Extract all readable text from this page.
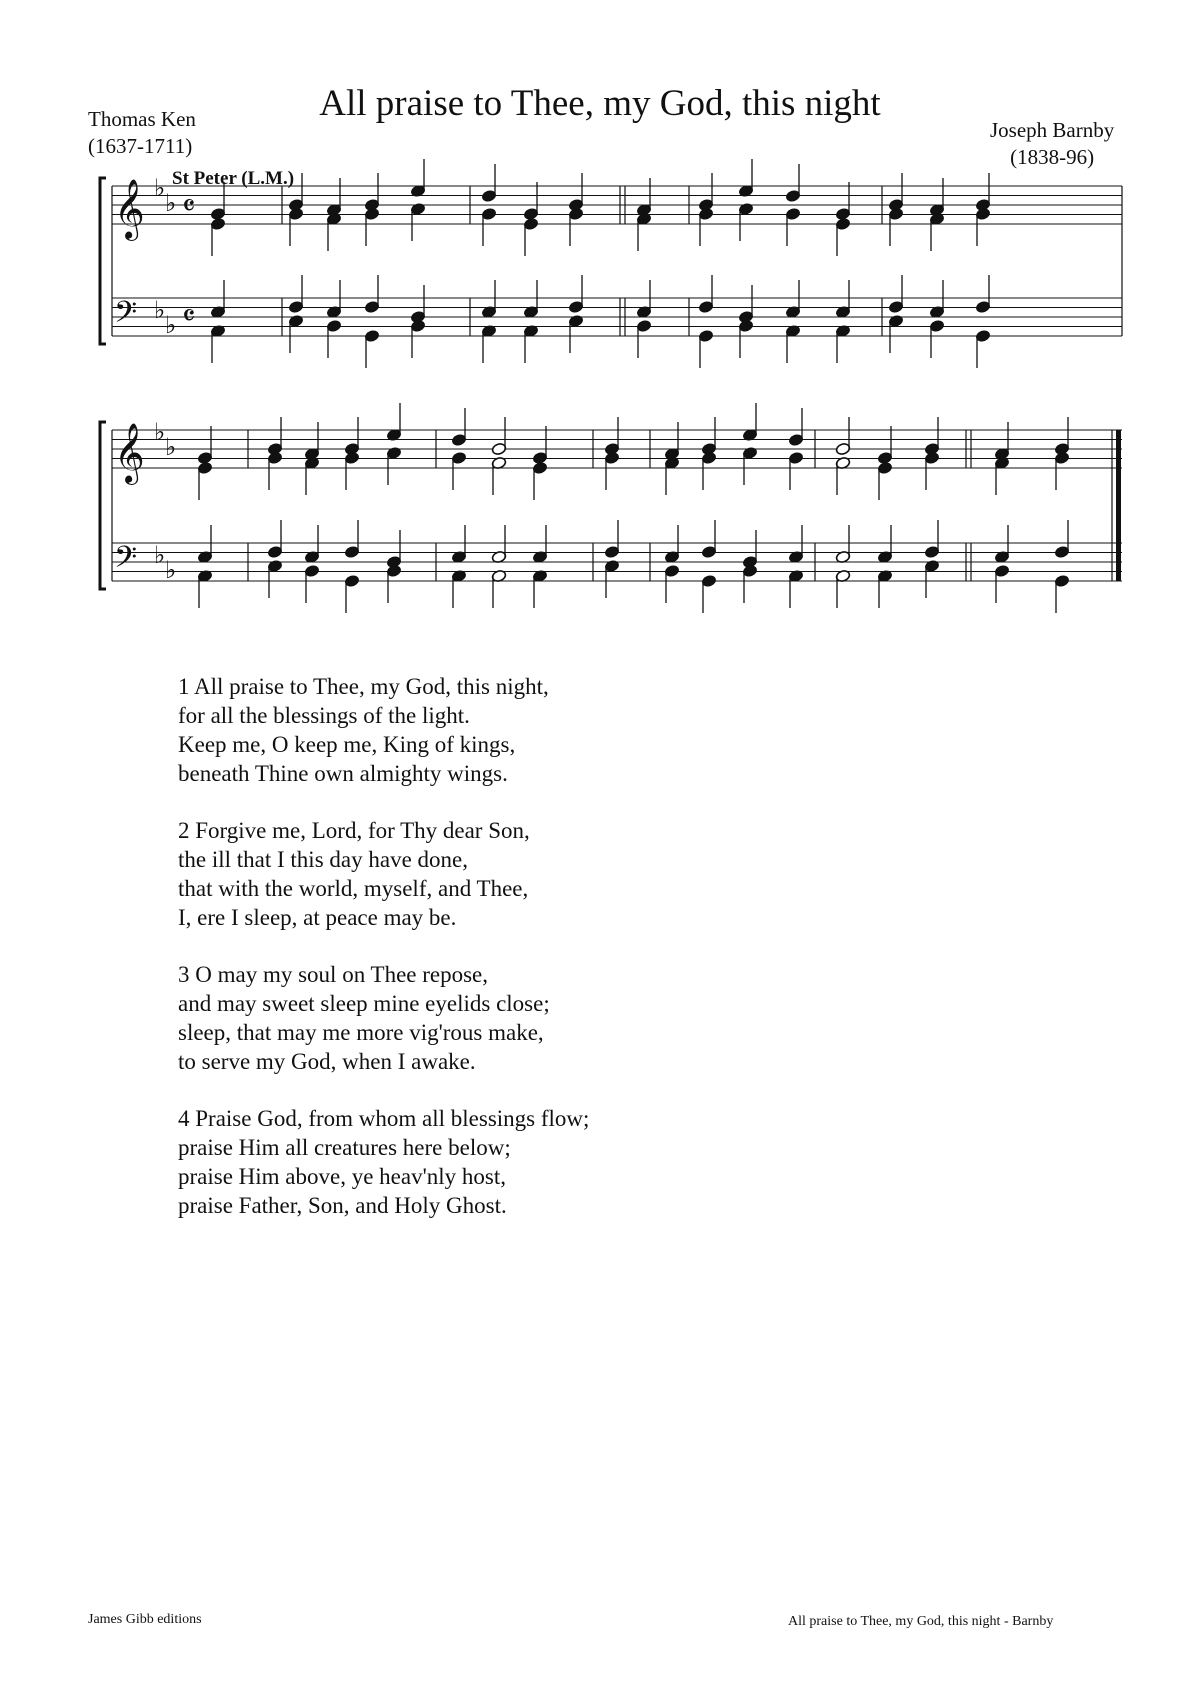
All praise to Thee, my God, this night
Thomas Ken
(1637-1711)
Joseph Barnby
(1838-96)
St Peter (L.M.)
𝄞
𝄢
♭
♭
♭
♭
𝄴
𝄴
𝄞
𝄢
♭
♭
♭
♭
1 All praise to Thee, my God, this night,
for all the blessings of the light.
Keep me, O keep me, King of kings,
beneath Thine own almighty wings.
2 Forgive me, Lord, for Thy dear Son,
the ill that I this day have done,
that with the world, myself, and Thee,
I, ere I sleep, at peace may be.
3 O may my soul on Thee repose,
and may sweet sleep mine eyelids close;
sleep, that may me more vig'rous make,
to serve my God, when I awake.
4 Praise God, from whom all blessings flow;
praise Him all creatures here below;
praise Him above, ye heav'nly host,
praise Father, Son, and Holy Ghost.
James Gibb editions	All praise to Thee, my God, this night - Barnby
